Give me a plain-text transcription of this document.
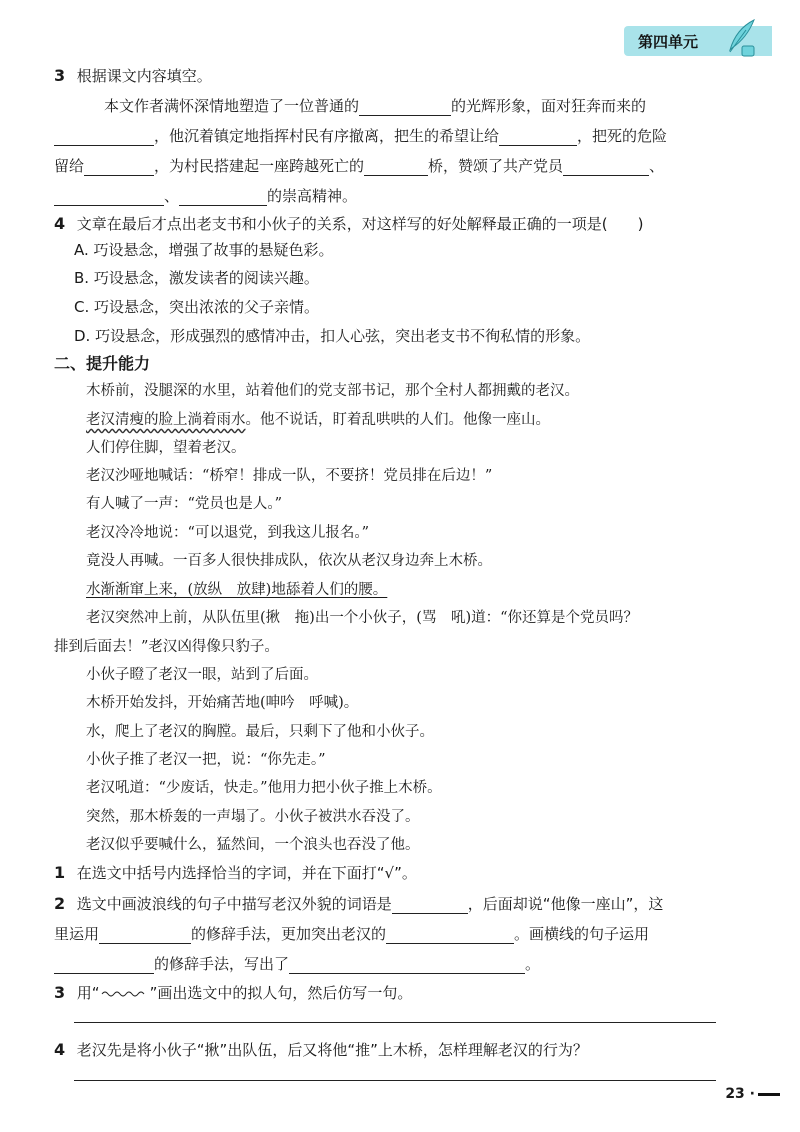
第四单元
3 根据课文内容填空。
本文作者满怀深情地塑造了一位普通的	的光辉形象，面对狂奔而来的
，他沉着镇定地指挥村民有序撤离，把生的希望让给	，把死的危险
留给	，为村民搭建起一座跨越死亡的	桥，赞颂了共产党员	、
、	的崇高精神。
4 文章在最后才点出老支书和小伙子的关系，对这样写的好处解释最正确的一项是(　　)
A. 巧设悬念，增强了故事的悬疑色彩。
B. 巧设悬念，激发读者的阅读兴趣。
C. 巧设悬念，突出浓浓的父子亲情。
D. 巧设悬念，形成强烈的感情冲击，扣人心弦，突出老支书不徇私情的形象。
二、提升能力
木桥前，没腿深的水里，站着他们的党支部书记，那个全村人都拥戴的老汉。
老汉清瘦的脸上淌着雨水。他不说话，盯着乱哄哄的人们。他像一座山。
人们停住脚，望着老汉。
老汉沙哑地喊话：“桥窄！排成一队，不要挤！党员排在后边！”
有人喊了一声：“党员也是人。”
老汉冷冷地说：“可以退党，到我这儿报名。”
竟没人再喊。一百多人很快排成队，依次从老汉身边奔上木桥。
水渐渐窜上来，(放纵　放肆)地舔着人们的腰。
老汉突然冲上前，从队伍里(揪　拖)出一个小伙子，(骂　吼)道：“你还算是个党员吗？
排到后面去！”老汉凶得像只豹子。
小伙子瞪了老汉一眼，站到了后面。
木桥开始发抖，开始痛苦地(呻吟　呼喊)。
水，爬上了老汉的胸膛。最后，只剩下了他和小伙子。
小伙子推了老汉一把，说：“你先走。”
老汉吼道：“少废话，快走。”他用力把小伙子推上木桥。
突然，那木桥轰的一声塌了。小伙子被洪水吞没了。
老汉似乎要喊什么，猛然间，一个浪头也吞没了他。
1 在选文中括号内选择恰当的字词，并在下面打“√”。
2 选文中画波浪线的句子中描写老汉外貌的词语是	，后面却说“他像一座山”，这
里运用	的修辞手法，更加突出老汉的	。画横线的句子运用
的修辞手法，写出了	。
3 用“	”画出选文中的拟人句，然后仿写一句。
4 老汉先是将小伙子“揪”出队伍，后又将他“推”上木桥，怎样理解老汉的行为？
23 ·
